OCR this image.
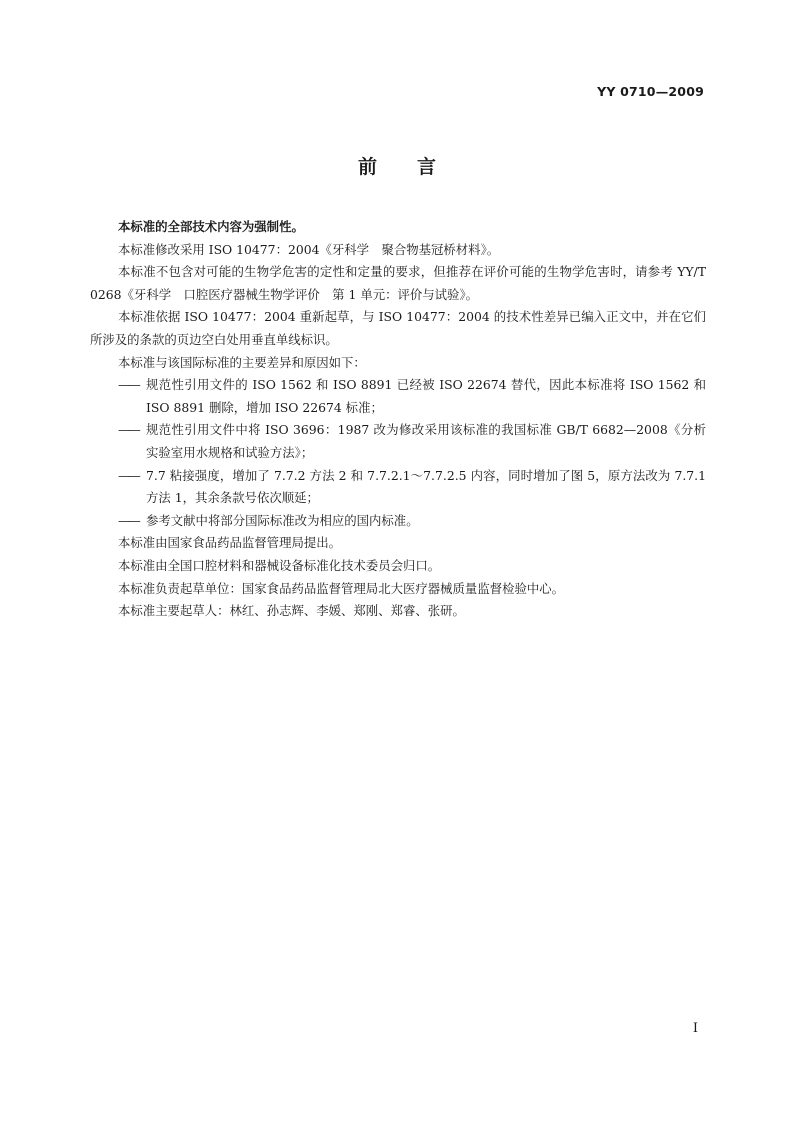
YY 0710—2009
前 言

本标准的全部技术内容为强制性。

本标准修改采用 ISO 10477：2004《牙科学　聚合物基冠桥材料》。

本标准不包含对可能的生物学危害的定性和定量的要求，但推荐在评价可能的生物学危害时，请参考 YY/T 0268《牙科学　口腔医疗器械生物学评价　第 1 单元：评价与试验》。

本标准依据 ISO 10477：2004 重新起草，与 ISO 10477：2004 的技术性差异已编入正文中，并在它们所涉及的条款的页边空白处用垂直单线标识。

本标准与该国际标准的主要差异和原因如下：

—— 规范性引用文件的 ISO 1562 和 ISO 8891 已经被 ISO 22674 替代，因此本标准将 ISO 1562 和 ISO 8891 删除，增加 ISO 22674 标准；

—— 规范性引用文件中将 ISO 3696：1987 改为修改采用该标准的我国标准 GB/T 6682—2008《分析实验室用水规格和试验方法》；

—— 7.7 粘接强度，增加了 7.7.2 方法 2 和 7.7.2.1～7.7.2.5 内容，同时增加了图 5，原方法改为 7.7.1 方法 1，其余条款号依次顺延；

—— 参考文献中将部分国际标准改为相应的国内标准。

本标准由国家食品药品监督管理局提出。

本标准由全国口腔材料和器械设备标准化技术委员会归口。

本标准负责起草单位：国家食品药品监督管理局北大医疗器械质量监督检验中心。

本标准主要起草人：林红、孙志辉、李媛、郑刚、郑睿、张研。

I
